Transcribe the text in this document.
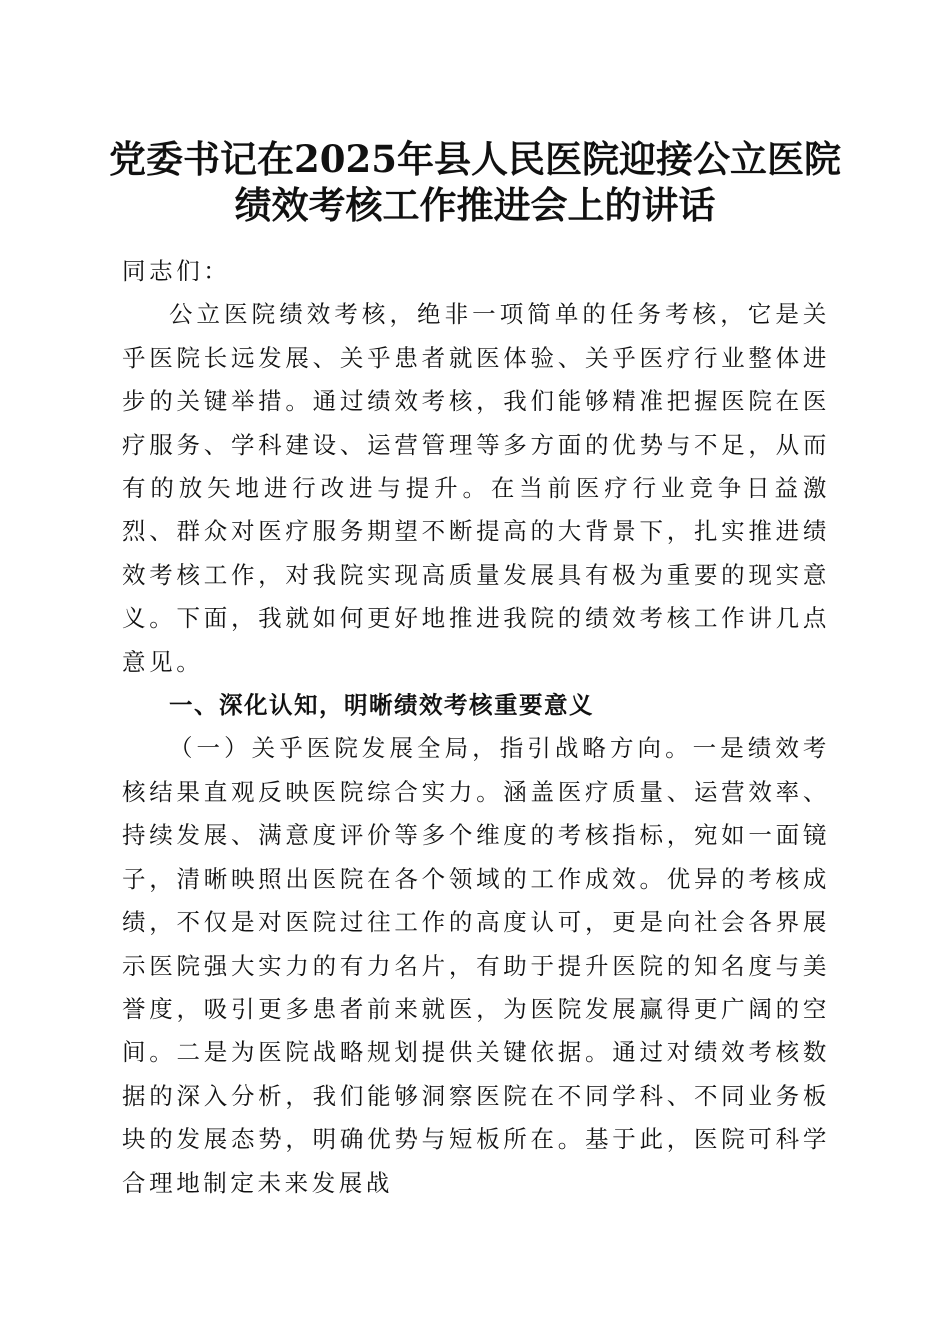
党委书记在2025年县人民医院迎接公立医院
绩效考核工作推进会上的讲话

同志们：

公立医院绩效考核，绝非一项简单的任务考核，它是关乎医院长远发展、关乎患者就医体验、关乎医疗行业整体进步的关键举措。通过绩效考核，我们能够精准把握医院在医疗服务、学科建设、运营管理等多方面的优势与不足，从而有的放矢地进行改进与提升。在当前医疗行业竞争日益激烈、群众对医疗服务期望不断提高的大背景下，扎实推进绩效考核工作，对我院实现高质量发展具有极为重要的现实意义。下面，我就如何更好地推进我院的绩效考核工作讲几点意见。

一、深化认知，明晰绩效考核重要意义

（一）关乎医院发展全局，指引战略方向。一是绩效考核结果直观反映医院综合实力。涵盖医疗质量、运营效率、持续发展、满意度评价等多个维度的考核指标，宛如一面镜子，清晰映照出医院在各个领域的工作成效。优异的考核成绩，不仅是对医院过往工作的高度认可，更是向社会各界展示医院强大实力的有力名片，有助于提升医院的知名度与美誉度，吸引更多患者前来就医，为医院发展赢得更广阔的空间。二是为医院战略规划提供关键依据。通过对绩效考核数据的深入分析，我们能够洞察医院在不同学科、不同业务板块的发展态势，明确优势与短板所在。基于此，医院可科学合理地制定未来发展战
